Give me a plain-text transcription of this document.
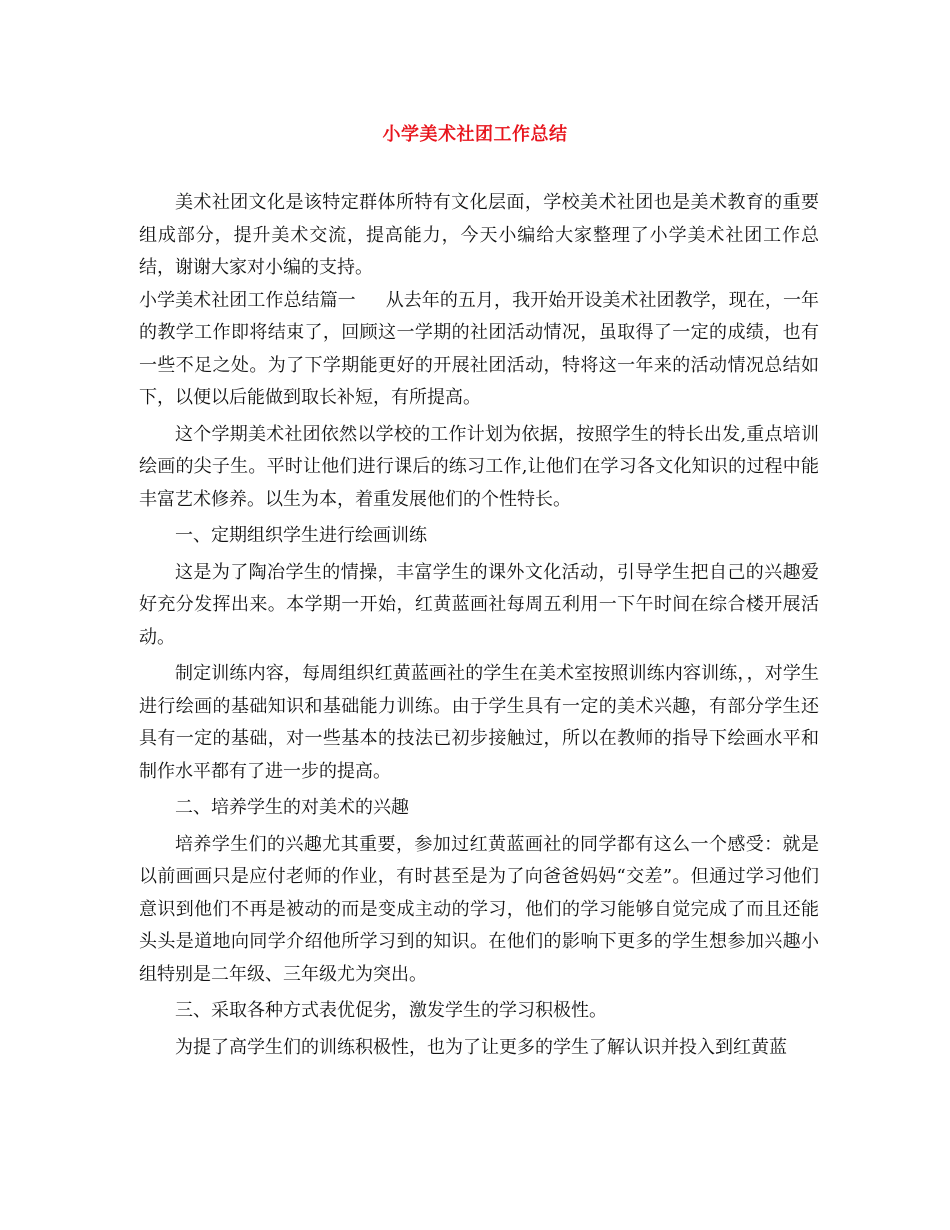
小学美术社团工作总结

美术社团文化是该特定群体所特有文化层面，学校美术社团也是美术教育的重要组成部分，提升美术交流，提高能力，今天小编给大家整理了小学美术社团工作总结，谢谢大家对小编的支持。

小学美术社团工作总结篇一 从去年的五月，我开始开设美术社团教学，现在，一年的教学工作即将结束了，回顾这一学期的社团活动情况，虽取得了一定的成绩，也有一些不足之处。为了下学期能更好的开展社团活动，特将这一年来的活动情况总结如下，以便以后能做到取长补短，有所提高。

这个学期美术社团依然以学校的工作计划为依据，按照学生的特长出发,重点培训绘画的尖子生。平时让他们进行课后的练习工作,让他们在学习各文化知识的过程中能丰富艺术修养。以生为本，着重发展他们的个性特长。

一、定期组织学生进行绘画训练

这是为了陶冶学生的情操，丰富学生的课外文化活动，引导学生把自己的兴趣爱好充分发挥出来。本学期一开始，红黄蓝画社每周五利用一下午时间在综合楼开展活动。

制定训练内容，每周组织红黄蓝画社的学生在美术室按照训练内容训练，，对学生进行绘画的基础知识和基础能力训练。由于学生具有一定的美术兴趣，有部分学生还具有一定的基础，对一些基本的技法已初步接触过，所以在教师的指导下绘画水平和制作水平都有了进一步的提高。

二、培养学生的对美术的兴趣

培养学生们的兴趣尤其重要，参加过红黄蓝画社的同学都有这么一个感受：就是以前画画只是应付老师的作业，有时甚至是为了向爸爸妈妈“交差”。但通过学习他们意识到他们不再是被动的而是变成主动的学习，他们的学习能够自觉完成了而且还能头头是道地向同学介绍他所学习到的知识。在他们的影响下更多的学生想参加兴趣小组特别是二年级、三年级尤为突出。

三、采取各种方式表优促劣，激发学生的学习积极性。

为提了高学生们的训练积极性，也为了让更多的学生了解认识并投入到红黄蓝
